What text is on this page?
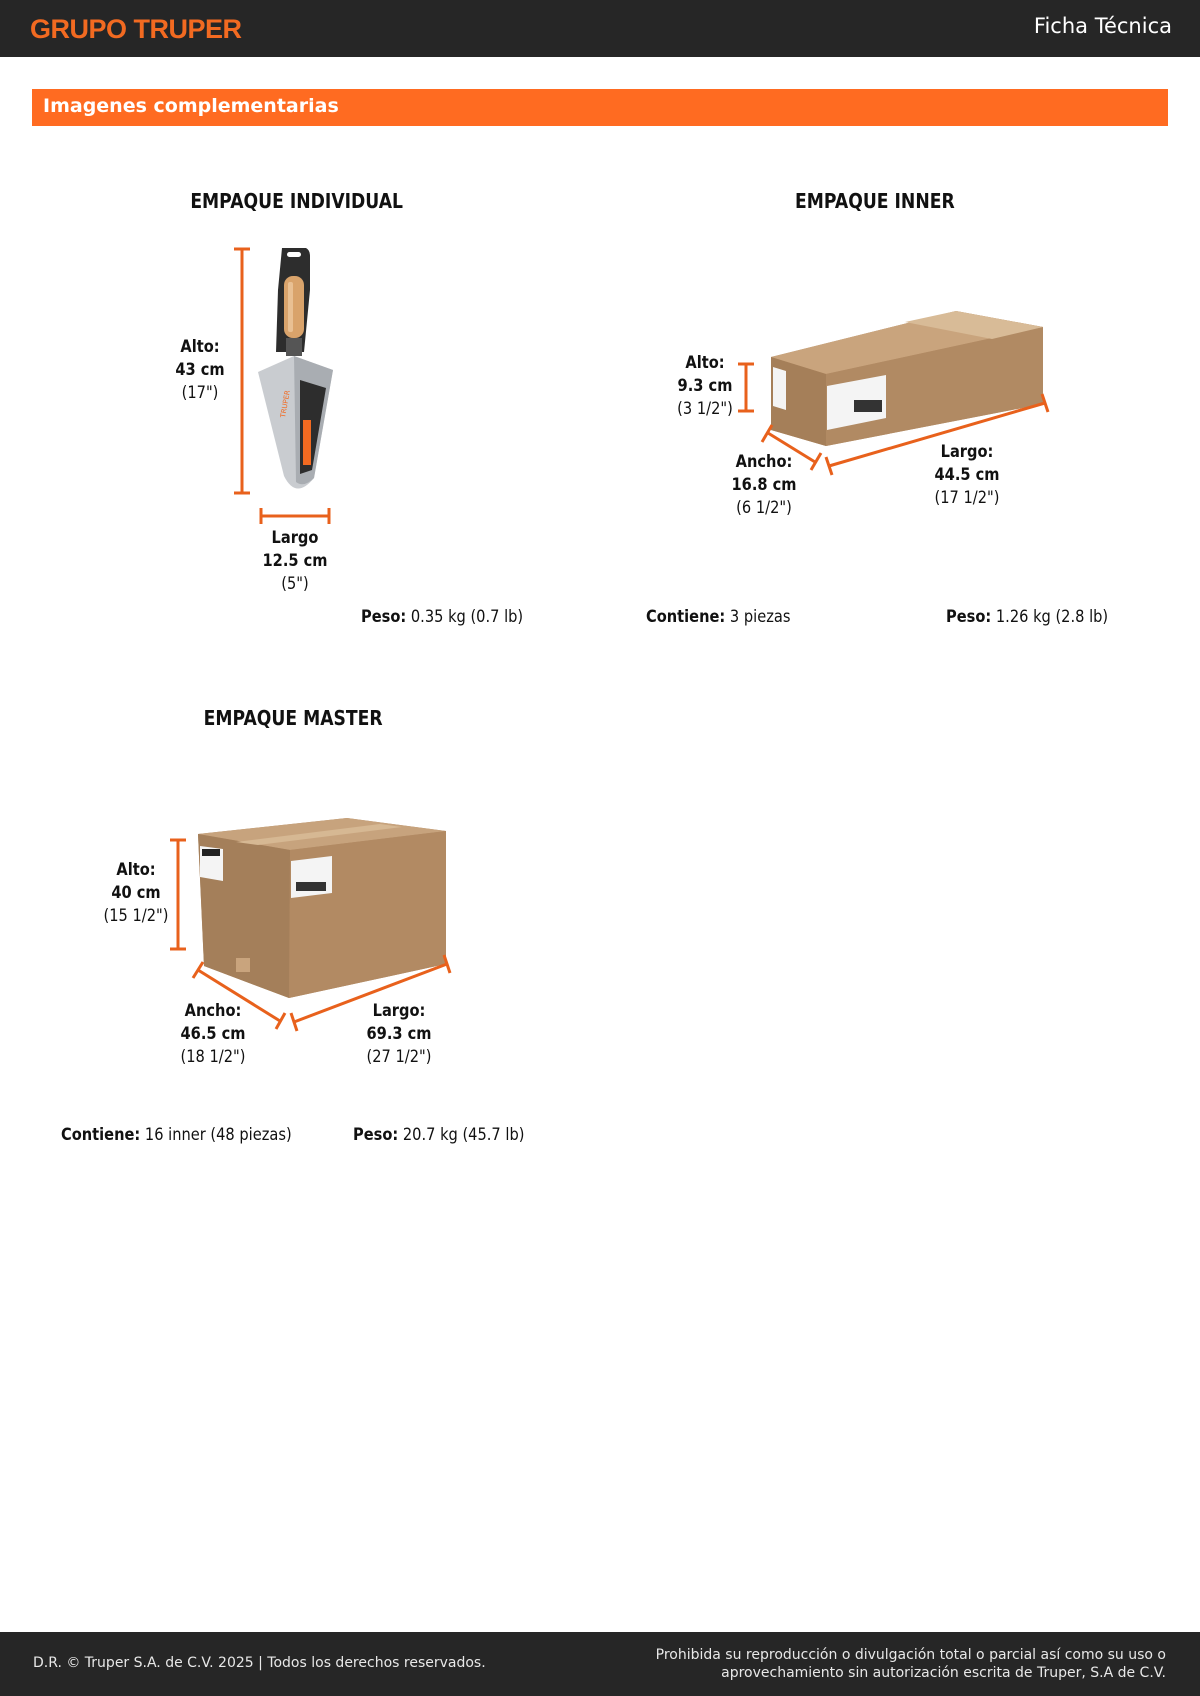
GRUPO TRUPER	Ficha Técnica
Imagenes complementarias
TRUPER
EMPAQUE INDIVIDUAL
Alto:
43 cm
(17")
Largo
12.5 cm
(5")
Peso: 0.35 kg (0.7 lb)
EMPAQUE INNER
Alto:
9.3 cm
(3 1/2")
Ancho:
16.8 cm
(6 1/2")
Largo:
44.5 cm
(17 1/2")
Contiene: 3 piezas	Peso: 1.26 kg (2.8 lb)
EMPAQUE MASTER
Alto:
40 cm
(15 1/2")
Ancho:
46.5 cm
(18 1/2")
Largo:
69.3 cm
(27 1/2")
Contiene: 16 inner (48 piezas)	Peso: 20.7 kg (45.7 lb)
D.R. © Truper S.A. de C.V. 2025 | Todos los derechos reservados.	Prohibida su reproducción o divulgación total o parcial así como su uso o
aprovechamiento sin autorización escrita de Truper, S.A de C.V.
